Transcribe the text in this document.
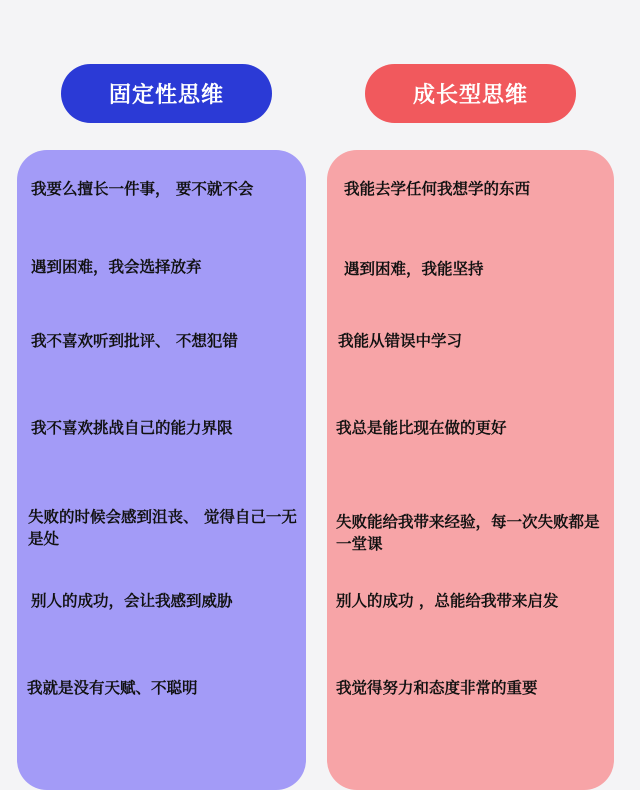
固定性思维	成长型思维
我要么擅长一件事， 要不就不会
遇到困难，我会选择放弃
我不喜欢听到批评、 不想犯错
我不喜欢挑战自己的能力界限
失败的时候会感到沮丧、 觉得自己一无是处
别人的成功，会让我感到威胁
我就是没有天赋、不聪明
我能去学任何我想学的东西
遇到困难，我能坚持
我能从错误中学习
我总是能比现在做的更好
失败能给我带来经验，每一次失败都是一堂课
别人的成功 ，总能给我带来启发
我觉得努力和态度非常的重要
